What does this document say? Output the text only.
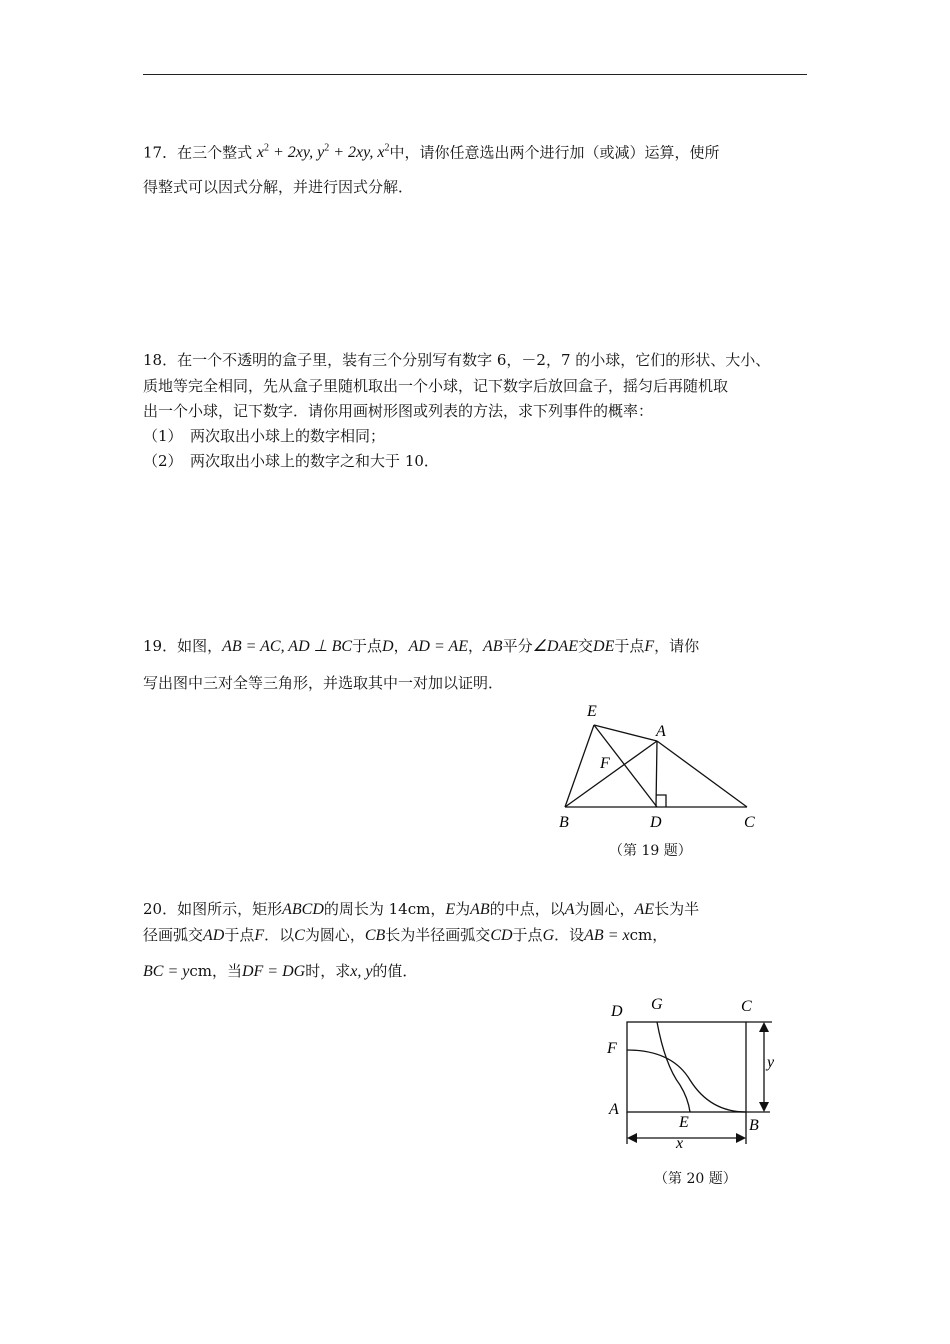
17．在三个整式 $x^2 + 2xy$, $y^2 + 2xy$, $x^2$中，请你任意选出两个进行加（或减）运算，使所
得整式可以因式分解，并进行因式分解．
18．在一个不透明的盒子里，装有三个分别写有数字 6，－2，7 的小球，它们的形状、大小、
质地等完全相同，先从盒子里随机取出一个小球，记下数字后放回盒子，摇匀后再随机取
出一个小球，记下数字．请你用画树形图或列表的方法，求下列事件的概率：
（1）　两次取出小球上的数字相同；
（2）　两次取出小球上的数字之和大于 10．
19．如图，AB = AC, AD ⊥ BC于点D，AD = AE，AB平分∠DAE交DE于点F，请你
写出图中三对全等三角形，并选取其中一对加以证明．
E
A
F
B	D	C
（第 19 题）
20．如图所示，矩形ABCD的周长为 14cm，E为AB的中点，以A为圆心，AE长为半
径画弧交AD于点F．以C为圆心，CB长为半径画弧交CD于点G．设AB = xcm，
BC = ycm，当DF = DG时，求x, y的值．
D G	C
F
y
A
E	B
x
（第 20 题）
